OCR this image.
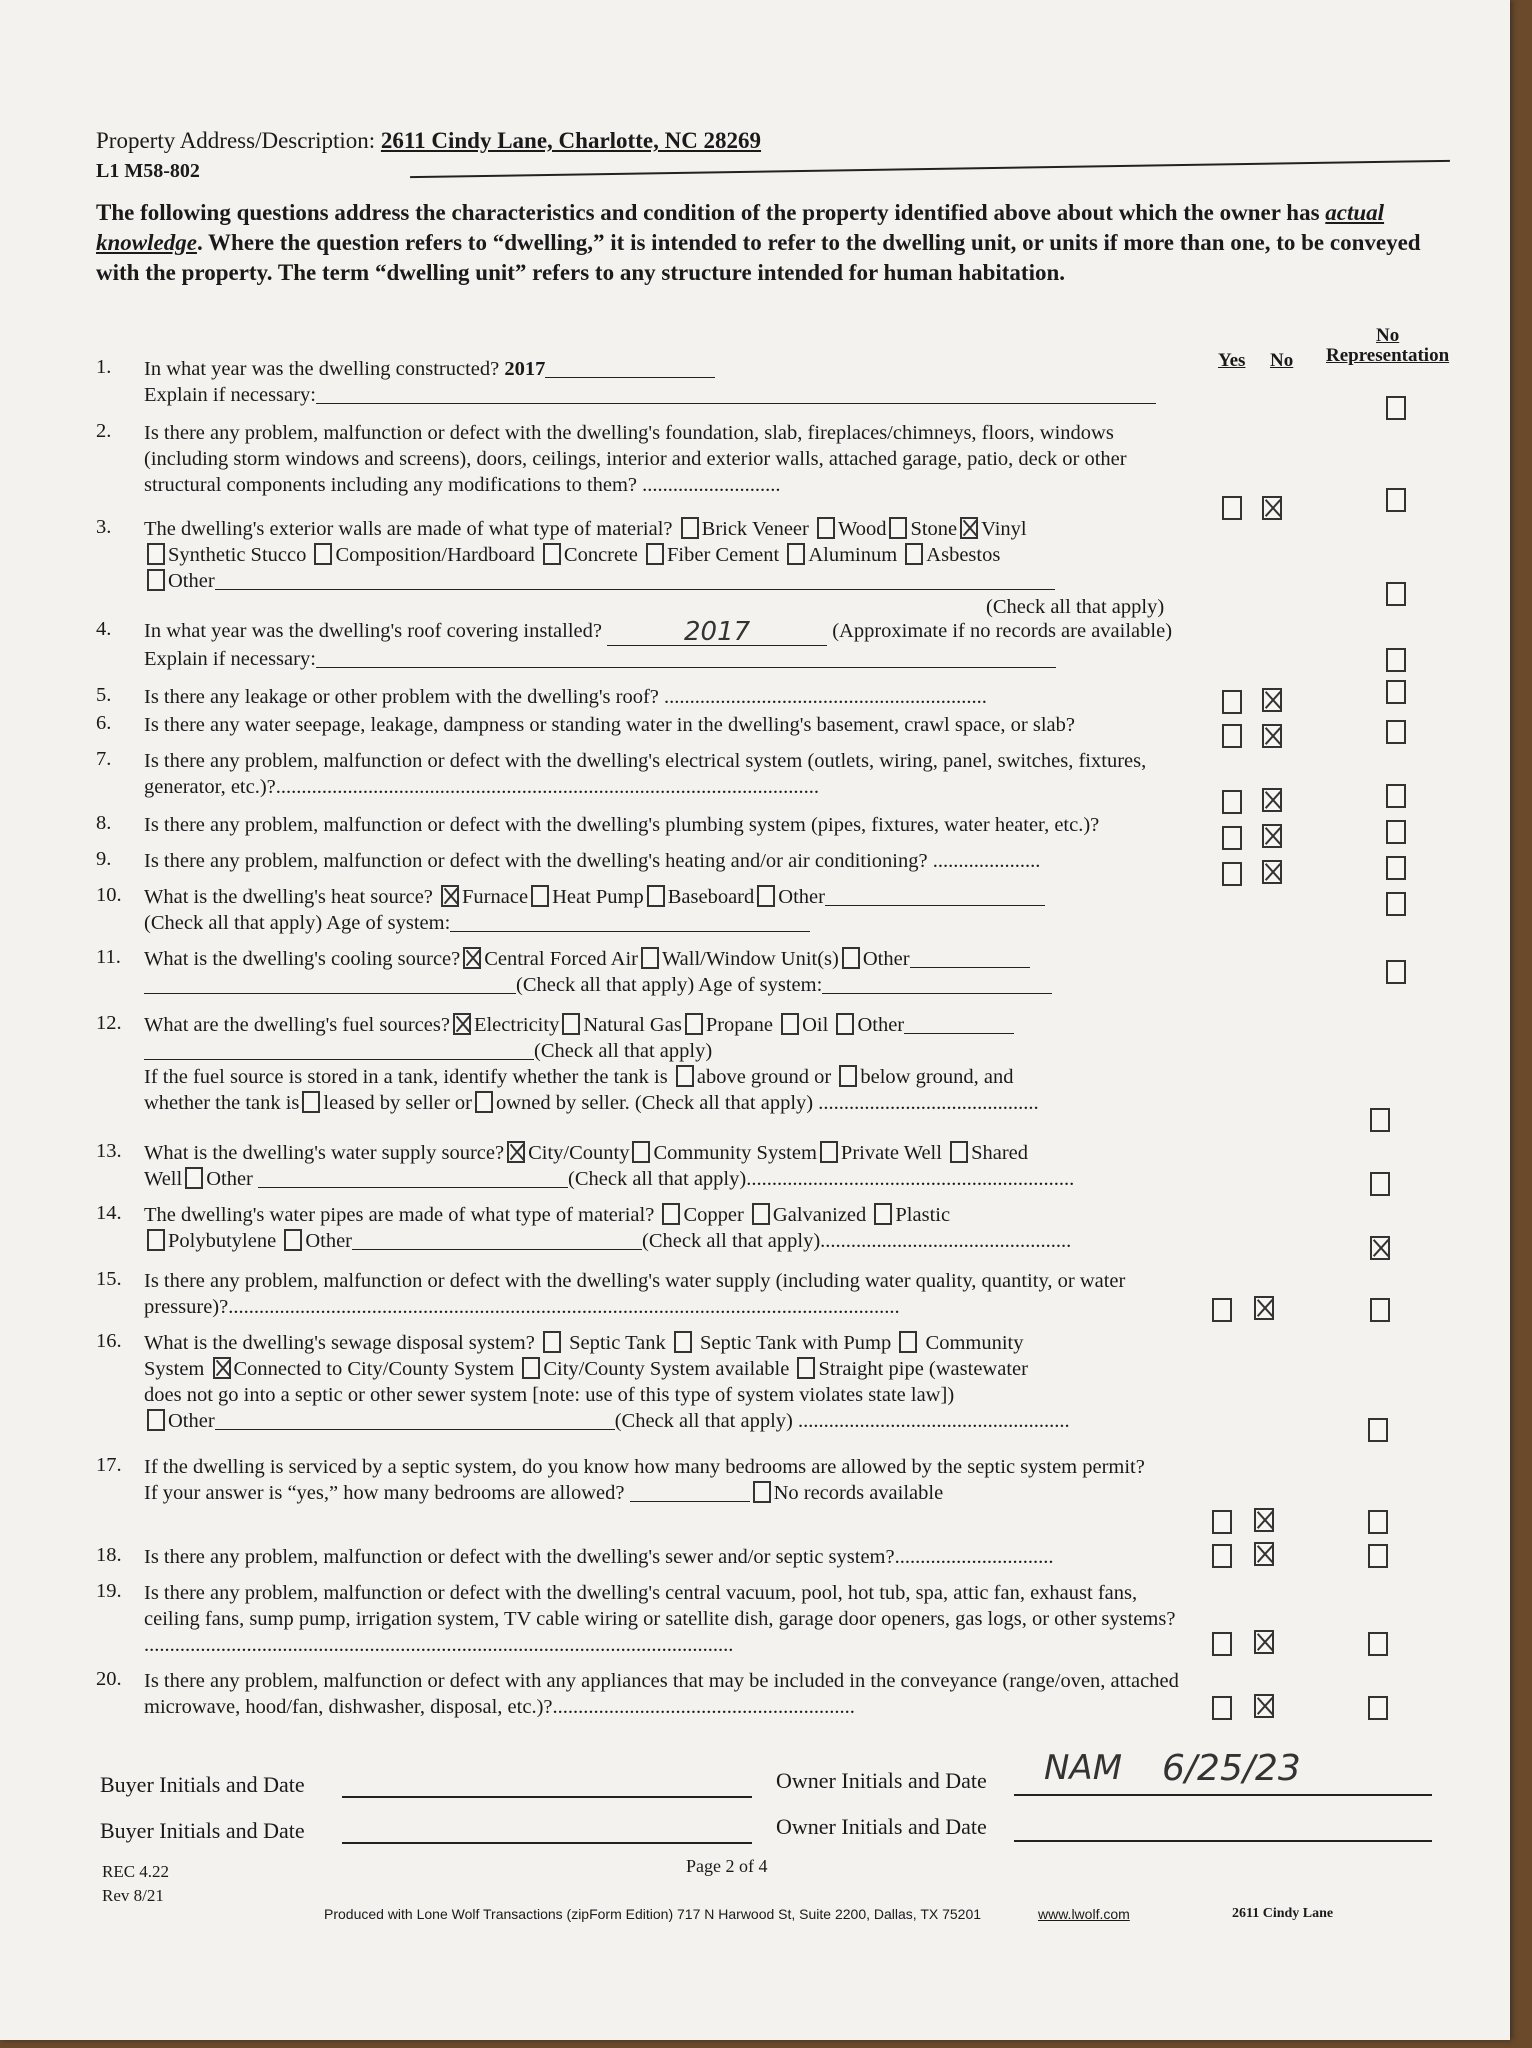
Property Address/Description: 2611 Cindy Lane, Charlotte, NC 28269
L1 M58-802
The following questions address the characteristics and condition of the property identified above about which the owner has actual knowledge. Where the question refers to “dwelling,” it is intended to refer to the dwelling unit, or units if more than one, to be conveyed with the property. The term “dwelling unit” refers to any structure intended for human habitation.
Yes No
No
Representation
1. In what year was the dwelling constructed? 2017
Explain if necessary:
2. Is there any problem, malfunction or defect with the dwelling's foundation, slab, fireplaces/chimneys, floors, windows (including storm windows and screens), doors, ceilings, interior and exterior walls, attached garage, patio, deck or other structural components including any modifications to them? ...........................
3. The dwelling's exterior walls are made of what type of material? Brick Veneer Wood Stone Vinyl
Synthetic Stucco Composition/Hardboard Concrete Fiber Cement Aluminum Asbestos
Other
(Check all that apply)
4. In what year was the dwelling's roof covering installed?	2017	(Approximate if no records are available) Explain if necessary:
5. Is there any leakage or other problem with the dwelling's roof? ...............................................................
6. Is there any water seepage, leakage, dampness or standing water in the dwelling's basement, crawl space, or slab?
7. Is there any problem, malfunction or defect with the dwelling's electrical system (outlets, wiring, panel, switches, fixtures, generator, etc.)?..........................................................................................................
8. Is there any problem, malfunction or defect with the dwelling's plumbing system (pipes, fixtures, water heater, etc.)?
9. Is there any problem, malfunction or defect with the dwelling's heating and/or air conditioning? .....................
10. What is the dwelling's heat source? Furnace Heat Pump Baseboard Other
(Check all that apply) Age of system:
11. What is the dwelling's cooling source? Central Forced Air Wall/Window Unit(s) Other
(Check all that apply) Age of system:
12. What are the dwelling's fuel sources? Electricity Natural Gas Propane Oil Other
(Check all that apply)
If the fuel source is stored in a tank, identify whether the tank is above ground or below ground, and
whether the tank is leased by seller or owned by seller. (Check all that apply) ...........................................
13. What is the dwelling's water supply source? City/County Community System Private Well Shared
Well Other	(Check all that apply)................................................................
14. The dwelling's water pipes are made of what type of material? Copper Galvanized Plastic
Polybutylene Other	(Check all that apply).................................................
15. Is there any problem, malfunction or defect with the dwelling's water supply (including water quality, quantity, or water pressure)?...................................................................................................................................
16. What is the dwelling's sewage disposal system? Septic Tank Septic Tank with Pump Community
System Connected to City/County System City/County System available Straight pipe (wastewater
does not go into a septic or other sewer system [note: use of this type of system violates state law])
Other	(Check all that apply) .....................................................
17. If the dwelling is serviced by a septic system, do you know how many bedrooms are allowed by the septic system permit?
If your answer is “yes,” how many bedrooms are allowed?	No records available
18. Is there any problem, malfunction or defect with the dwelling's sewer and/or septic system?...............................
19. Is there any problem, malfunction or defect with the dwelling's central vacuum, pool, hot tub, spa, attic fan, exhaust fans, ceiling fans, sump pump, irrigation system, TV cable wiring or satellite dish, garage door openers, gas logs, or other systems? ...................................................................................................................
20. Is there any problem, malfunction or defect with any appliances that may be included in the conveyance (range/oven, attached microwave, hood/fan, dishwasher, disposal, etc.)?...........................................................
Buyer Initials and Date	Owner Initials and Date NAM 6/25/23
Buyer Initials and Date	Owner Initials and Date
REC 4.22
Rev 8/21
Page 2 of 4
Produced with Lone Wolf Transactions (zipForm Edition) 717 N Harwood St, Suite 2200, Dallas, TX 75201	www.lwolf.com	2611 Cindy Lane
